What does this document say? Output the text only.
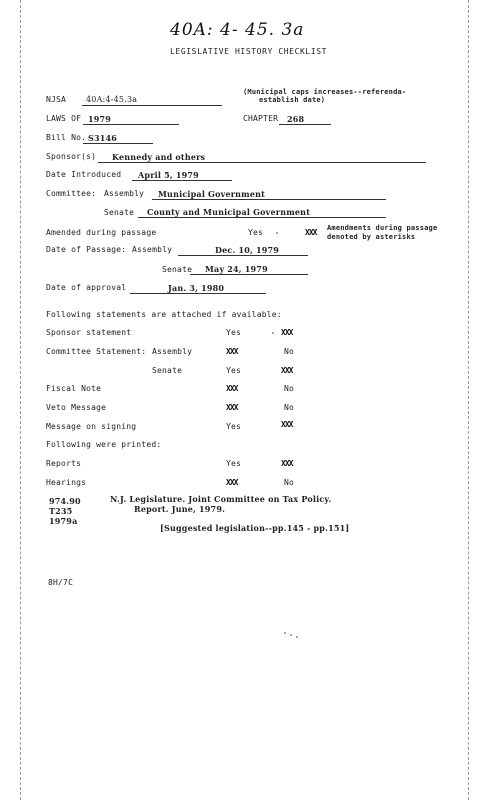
40A: 4- 45. 3a
LEGISLATIVE HISTORY CHECKLIST
NJSA 40A:4-45.3a
(Municipal caps increases--referenda-
establish date)
LAWS OF 1979	CHAPTER 268
Bill No. S3146
Sponsor(s) Kennedy and others
Date Introduced April 5, 1979
Committee: Assembly Municipal Government
Senate County and Municipal Government
Amended during passage	Yes	XXX Amendments during passage
denoted by asterisks
Date of Passage: Assembly	Dec. 10, 1979
Senate May 24, 1979
Date of approval	Jan. 3, 1980
Following statements are attached if available:
Sponsor statement	Yes	XXX
Committee Statement: Assembly	XXX	No
Senate	Yes	XXX
Fiscal Note	XXX	No
Veto Message	XXX	No
Message on signing	Yes	XXX
Following were printed:
Reports	Yes	XXX
Hearings	XXX	No
974.90
T235
1979a
N.J. Legislature. Joint Committee on Tax Policy.
Report. June, 1979.
[Suggested legislation--pp.145 - pp.151]
8H/7C
